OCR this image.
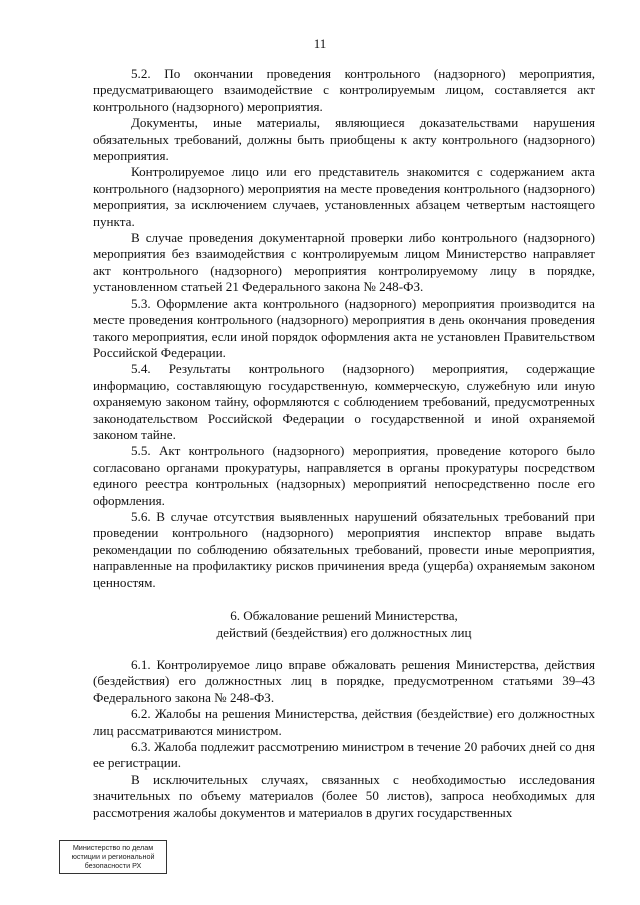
11

5.2. По окончании проведения контрольного (надзорного) мероприятия, предусматривающего взаимодействие с контролируемым лицом, составляется акт контрольного (надзорного) мероприятия.

Документы, иные материалы, являющиеся доказательствами нарушения обязательных требований, должны быть приобщены к акту контрольного (надзорного) мероприятия.

Контролируемое лицо или его представитель знакомится с содержанием акта контрольного (надзорного) мероприятия на месте проведения контрольного (надзорного) мероприятия, за исключением случаев, установленных абзацем четвертым настоящего пункта.

В случае проведения документарной проверки либо контрольного (надзорного) мероприятия без взаимодействия с контролируемым лицом Министерство направляет акт контрольного (надзорного) мероприятия контролируемому лицу в порядке, установленном статьей 21 Федерального закона № 248-ФЗ.

5.3. Оформление акта контрольного (надзорного) мероприятия производится на месте проведения контрольного (надзорного) мероприятия в день окончания проведения такого мероприятия, если иной порядок оформления акта не установлен Правительством Российской Федерации.

5.4. Результаты контрольного (надзорного) мероприятия, содержащие информацию, составляющую государственную, коммерческую, служебную или иную охраняемую законом тайну, оформляются с соблюдением требований, предусмотренных законодательством Российской Федерации о государственной и иной охраняемой законом тайне.

5.5. Акт контрольного (надзорного) мероприятия, проведение которого было согласовано органами прокуратуры, направляется в органы прокуратуры посредством единого реестра контрольных (надзорных) мероприятий непосредственно после его оформления.

5.6. В случае отсутствия выявленных нарушений обязательных требований при проведении контрольного (надзорного) мероприятия инспектор вправе выдать рекомендации по соблюдению обязательных требований, провести иные мероприятия, направленные на профилактику рисков причинения вреда (ущерба) охраняемым законом ценностям.

6. Обжалование решений Министерства,
действий (бездействия) его должностных лиц

6.1. Контролируемое лицо вправе обжаловать решения Министерства, действия (бездействия) его должностных лиц в порядке, предусмотренном статьями 39–43 Федерального закона № 248-ФЗ.

6.2. Жалобы на решения Министерства, действия (бездействие) его должностных лиц рассматриваются министром.

6.3. Жалоба подлежит рассмотрению министром в течение 20 рабочих дней со дня ее регистрации.

В исключительных случаях, связанных с необходимостью исследования значительных по объему материалов (более 50 листов), запроса необходимых для рассмотрения жалобы документов и материалов в других государственных

Министерство по делам
юстиции и региональной
безопасности РХ
